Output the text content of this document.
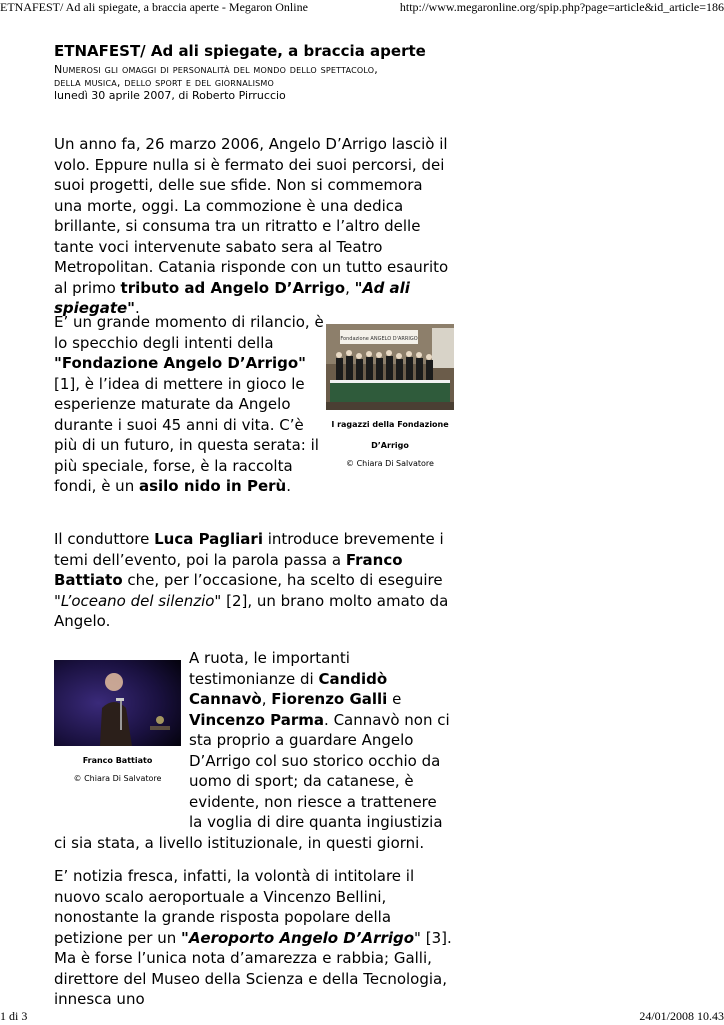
ETNAFEST/ Ad ali spiegate, a braccia aperte - Megaron Online	http://www.megaronline.org/spip.php?page=article&id_article=186
ETNAFEST/ Ad ali spiegate, a braccia aperte
Numerosi gli omaggi di personalità del mondo dello spettacolo,
della musica, dello sport e del giornalismo
lunedì 30 aprile 2007, di Roberto Pirruccio

Un anno fa, 26 marzo 2006, Angelo D’Arrigo lasciò il volo. Eppure nulla si è fermato dei suoi percorsi, dei suoi progetti, delle sue sfide. Non si commemora una morte, oggi. La commozione è una dedica brillante, si consuma tra un ritratto e l’altro delle tante voci intervenute sabato sera al Teatro Metropolitan. Catania risponde con un tutto esaurito al primo tributo ad Angelo D’Arrigo, "Ad ali spiegate".

E’ un grande momento di rilancio, è lo specchio degli intenti della "Fondazione Angelo D’Arrigo" [1], è l’idea di mettere in gioco le esperienze maturate da Angelo durante i suoi 45 anni di vita. C’è più di un futuro, in questa serata: il più speciale, forse, è la raccolta fondi, è un asilo nido in Perù.

Fondazione ANGELO D'ARRIGO
I ragazzi della Fondazione D’Arrigo
© Chiara Di Salvatore

Il conduttore Luca Pagliari introduce brevemente i temi dell’evento, poi la parola passa a Franco Battiato che, per l’occasione, ha scelto di eseguire "L’oceano del silenzio" [2], un brano molto amato da Angelo.

Franco Battiato
© Chiara Di Salvatore

A ruota, le importanti testimonianze di Candidò Cannavò, Fiorenzo Galli e Vincenzo Parma. Cannavò non ci sta proprio a guardare Angelo D’Arrigo col suo storico occhio da uomo di sport; da catanese, è evidente, non riesce a trattenere la voglia di dire quanta ingiustizia ci sia stata, a livello istituzionale, in questi giorni.

E’ notizia fresca, infatti, la volontà di intitolare il nuovo scalo aeroportuale a Vincenzo Bellini, nonostante la grande risposta popolare della petizione per un "Aeroporto Angelo D’Arrigo" [3]. Ma è forse l’unica nota d’amarezza e rabbia; Galli, direttore del Museo della Scienza e della Tecnologia, innesca uno

1 di 3	24/01/2008 10.43
